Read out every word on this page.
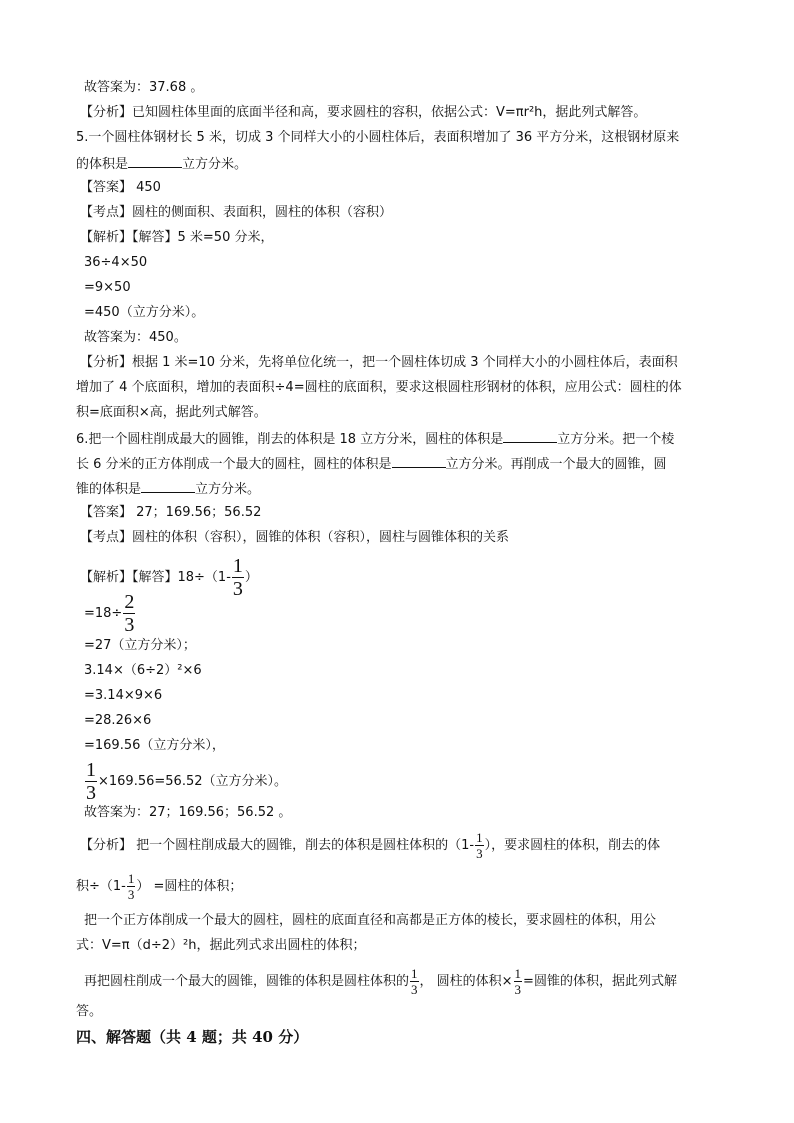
故答案为：37.68 。
【分析】已知圆柱体里面的底面半径和高，要求圆柱的容积，依据公式：V=πr²h，据此列式解答。
5.一个圆柱体钢材长 5 米，切成 3 个同样大小的小圆柱体后，表面积增加了 36 平方分米，这根钢材原来
的体积是	立方分米。
【答案】 450
【考点】圆柱的侧面积、表面积，圆柱的体积（容积）
【解析】【解答】5 米=50 分米，
36÷4×50
=9×50
=450（立方分米）。
故答案为：450。
【分析】根据 1 米=10 分米，先将单位化统一，把一个圆柱体切成 3 个同样大小的小圆柱体后，表面积
增加了 4 个底面积，增加的表面积÷4=圆柱的底面积，要求这根圆柱形钢材的体积，应用公式：圆柱的体
积=底面积×高，据此列式解答。
6.把一个圆柱削成最大的圆锥，削去的体积是 18 立方分米，圆柱的体积是	立方分米。把一个棱
长 6 分米的正方体削成一个最大的圆柱，圆柱的体积是	立方分米。再削成一个最大的圆锥，圆
锥的体积是	立方分米。
【答案】 27；169.56；56.52
【考点】圆柱的体积（容积），圆锥的体积（容积），圆柱与圆锥体积的关系
【解析】【解答】$18\div(1- \frac{1}{3}$ ）
$=18\div \frac{2}{3}$
=27（立方分米）；
3.14×（6÷2）²×6
=3.14×9×6
=28.26×6
=169.56（立方分米），
$\frac{1}{3} \times 169.56=56.52$（立方分米）。
故答案为：27；169.56；56.52 。
【分析】 把一个圆柱削成最大的圆锥，削去的体积是圆柱体积的（$1- \frac{1}{3}$ ），要求圆柱的体积，削去的体
积$\div(1- \frac{1}{3}$ ） =圆柱的体积；
把一个正方体削成一个最大的圆柱，圆柱的底面直径和高都是正方体的棱长，要求圆柱的体积，用公
式：V=π（d÷2）²h，据此列式求出圆柱的体积；
再把圆柱削成一个最大的圆锥，圆锥的体积是圆柱体积的 $\frac{1}{3}$ ， 圆柱的体积× $\frac{1}{3}$ =圆锥的体积，据此列式解
答。
四、解答题（共 4 题；共 40 分）
